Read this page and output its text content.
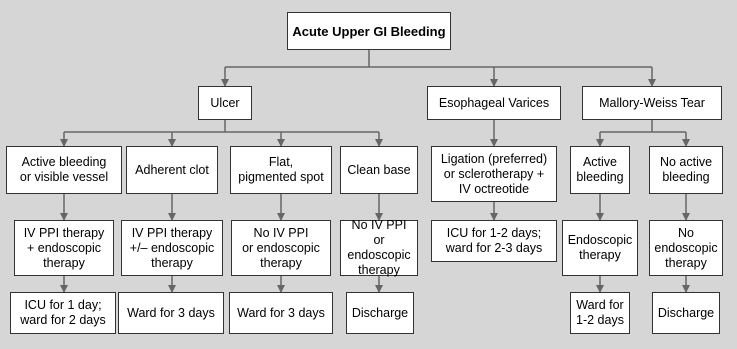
Acute Upper GI Bleeding
Ulcer	Esophageal Varices	Mallory-Weiss Tear
Active bleeding
or visible vessel
Adherent clot
Flat,
pigmented spot
Clean base
Ligation (preferred)
or sclerotherapy +
IV octreotide
Active
bleeding
No active
bleeding
IV PPI therapy
+ endoscopic
therapy
IV PPI therapy
+/– endoscopic
therapy
No IV PPI
or endoscopic
therapy
No IV PPI
or endoscopic
therapy
ICU for 1-2 days;
ward for 2-3 days
Endoscopic
therapy
No
endoscopic
therapy
ICU for 1 day;
ward for 2 days
Ward for 3 days	Ward for 3 days	Discharge
Ward for
1-2 days
Discharge
